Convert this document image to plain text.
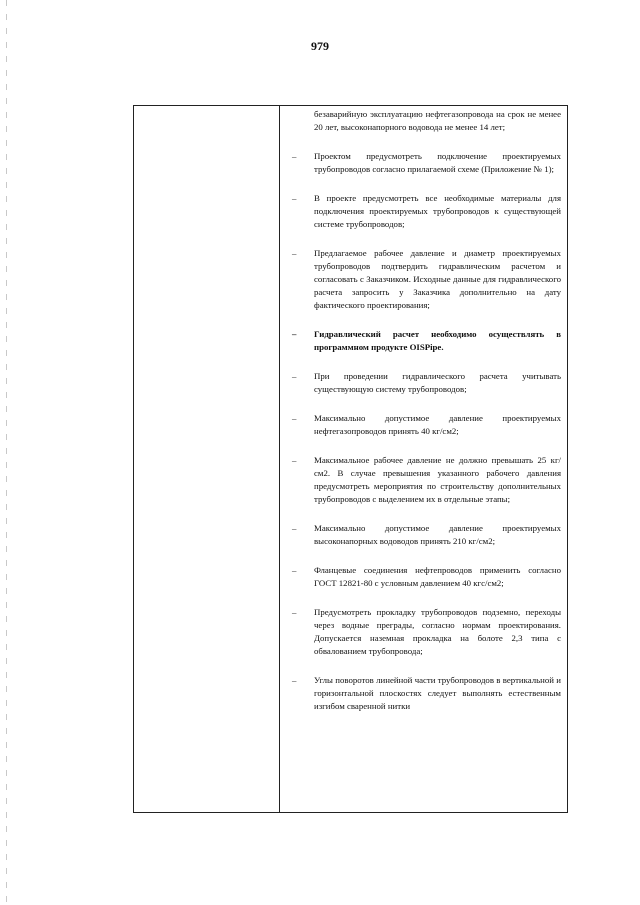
979

безаварийную эксплуатацию нефтегазопровода на срок не менее 20 лет, высоконапорного водовода не менее 14 лет;

–	Проектом предусмотреть подключение проектируемых трубопроводов согласно прилагаемой схеме (Приложение № 1);
–	В проекте предусмотреть все необходимые материалы для подключения проектируемых трубопроводов к существующей системе трубопроводов;
–	Предлагаемое рабочее давление и диаметр проектируемых трубопроводов подтвердить гидравлическим расчетом и согласовать с Заказчиком. Исходные данные для гидравлического расчета запросить у Заказчика дополнительно на дату фактического проектирования;
–	Гидравлический расчет необходимо осуществлять в программном продукте OISPipe.
–	При проведении гидравлического расчета учитывать существующую систему трубопроводов;
–	Максимально допустимое давление проектируемых нефтегазопроводов принять 40 кг/см2;
–	Максимальное рабочее давление не должно превышать 25 кг/см2. В случае превышения указанного рабочего давления предусмотреть мероприятия по строительству дополнительных трубопроводов с выделением их в отдельные этапы;
–	Максимально допустимое давление проектируемых высоконапорных водоводов принять 210 кг/см2;
–	Фланцевые соединения нефтепроводов применить согласно ГОСТ 12821-80 с условным давлением 40 кгс/см2;
–	Предусмотреть прокладку трубопроводов подземно, переходы через водные преграды, согласно нормам проектирования. Допускается наземная прокладка на болоте 2,3 типа с обвалованием трубопровода;
–	Углы поворотов линейной части трубопроводов в вертикальной и горизонтальной плоскостях следует выполнять естественным изгибом сваренной нитки
